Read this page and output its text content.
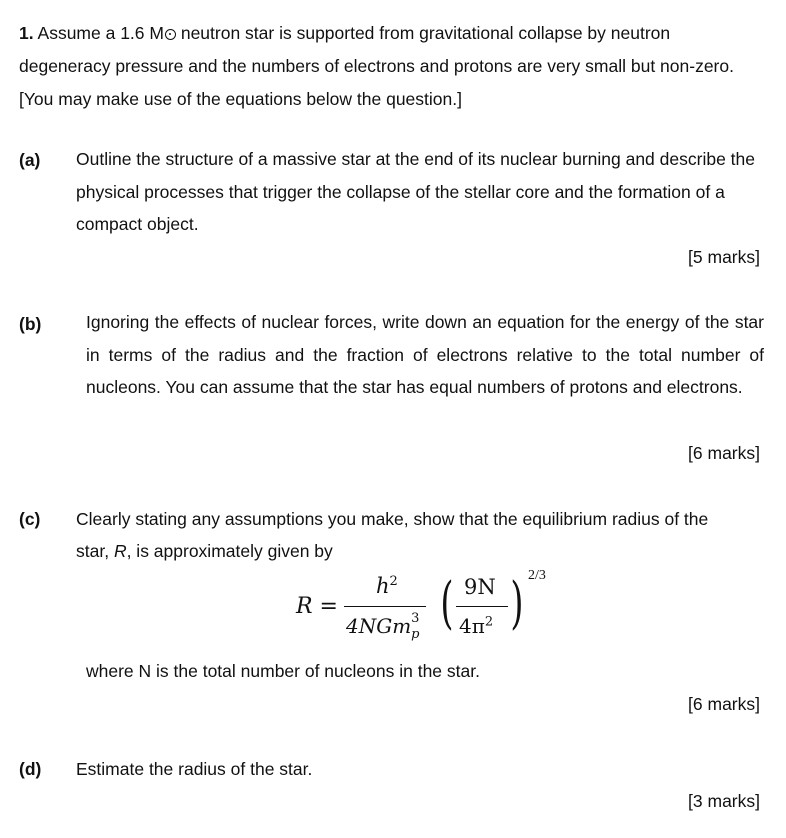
1. Assume a 1.6 M neutron star is supported from gravitational collapse by neutron degeneracy pressure and the numbers of electrons and protons are very small but non-zero. [You may make use of the equations below the question.]
(a) Outline the structure of a massive star at the end of its nuclear burning and describe the physical processes that trigger the collapse of the stellar core and the formation of a compact object.
[5 marks]
(b)	Ignoring the effects of nuclear forces, write down an equation for the energy of the star in terms of the radius and the fraction of electrons relative to the total number of nucleons. You can assume that the star has equal numbers of protons and electrons.
[6 marks]
(c) Clearly stating any assumptions you make, show that the equilibrium radius of the
star, R, is approximately given by
R =
$h^2$
4NGm 3
p ( 9N
$4\pi^2$ ) 2/3
where N is the total number of nucleons in the star.
[6 marks]
(d) Estimate the radius of the star.
[3 marks]
